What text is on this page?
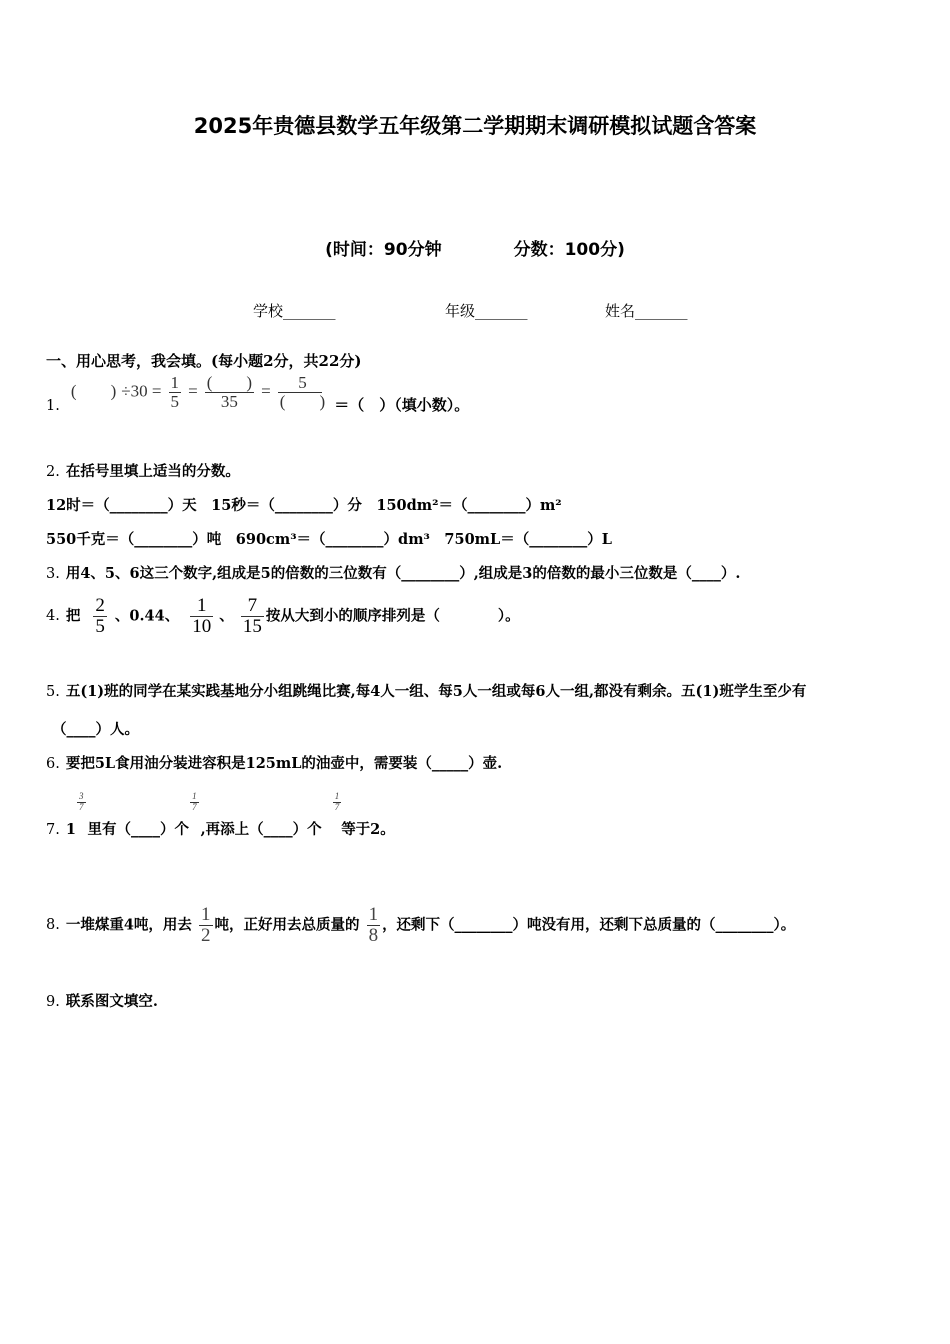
2025年贵德县数学五年级第二学期期末调研模拟试题含答案
(时间：90分钟	分数：100分)
学校_______	年级_______	姓名_______
一、用心思考，我会填。(每小题2分，共22分)
1. (　　) $\div 30 = \frac{1}{5} = \frac{( )}{35} = \frac{5}{( )}$ ＝（　）（填小数）。
2. 在括号里填上适当的分数。
12时＝（________）天　15秒＝（________）分　150dm²＝（________）m²
550千克＝（________）吨　690cm³＝（________）dm³　750mL＝（________）L
3. 用4、5、6这三个数字,组成是5的倍数的三位数有（________）,组成是3的倍数的最小三位数是（____）.
4. 把 $\frac{2}{5}$ 、0.44、 $\frac{1}{10}$ 、 $\frac{7}{15}$ 按从大到小的顺序排列是（　　　　）。
5. 五(1)班的同学在某实践基地分小组跳绳比赛,每4人一组、每5人一组或每6人一组,都没有剩余。五(1)班学生至少有
（____）人。
6. 要把5L食用油分装进容积是125mL的油壶中，需要装（_____）壶.
7. 1
$\frac{3}{7}$
里有（____）个
$\frac{1}{7}$
,再添上（____）个
$\frac{1}{7}$
等于2。
8. 一堆煤重4吨，用去 $\frac{1}{2}$ 吨，正好用去总质量的 $\frac{1}{8}$ ，还剩下（________）吨没有用，还剩下总质量的（________）。
9. 联系图文填空.
